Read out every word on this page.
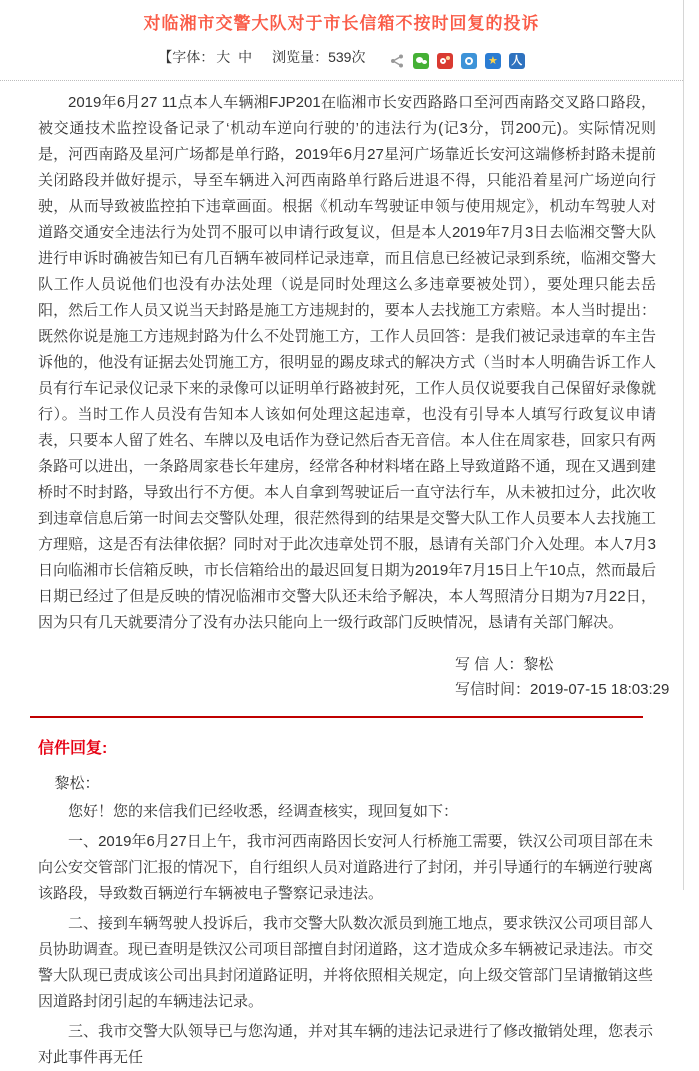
对临湘市交警大队对于市长信箱不按时回复的投诉
【字体： 大 中 浏览量：539次     ★ 人

2019年6月27 11点本人车辆湘FJP201在临湘市长安西路路口至河西南路交叉路口路段，被交通技术监控设备记录了‘机动车逆向行驶的’的违法行为(记3分，罚200元)。实际情况则是，河西南路及星河广场都是单行路，2019年6月27星河广场靠近长安河这端修桥封路未提前关闭路段并做好提示，导至车辆进入河西南路单行路后进退不得，只能沿着星河广场逆向行驶，从而导致被监控拍下违章画面。根据《机动车驾驶证申领与使用规定》，机动车驾驶人对道路交通安全违法行为处罚不服可以申请行政复议，但是本人2019年7月3日去临湘交警大队进行申诉时确被告知已有几百辆车被同样记录违章，而且信息已经被记录到系统，临湘交警大队工作人员说他们也没有办法处理（说是同时处理这么多违章要被处罚），要处理只能去岳阳，然后工作人员又说当天封路是施工方违规封的，要本人去找施工方索赔。本人当时提出：既然你说是施工方违规封路为什么不处罚施工方，工作人员回答：是我们被记录违章的车主告诉他的，他没有证据去处罚施工方，很明显的踢皮球式的解决方式（当时本人明确告诉工作人员有行车记录仪记录下来的录像可以证明单行路被封死，工作人员仅说要我自己保留好录像就行）。当时工作人员没有告知本人该如何处理这起违章，也没有引导本人填写行政复议申请表，只要本人留了姓名、车牌以及电话作为登记然后杳无音信。本人住在周家巷，回家只有两条路可以进出，一条路周家巷长年建房，经常各种材料堵在路上导致道路不通，现在又遇到建桥时不时封路，导致出行不方便。本人自拿到驾驶证后一直守法行车，从未被扣过分，此次收到违章信息后第一时间去交警队处理，很茫然得到的结果是交警大队工作人员要本人去找施工方理赔，这是否有法律依据？同时对于此次违章处罚不服，恳请有关部门介入处理。本人7月3日向临湘市长信箱反映，市长信箱给出的最迟回复日期为2019年7月15日上午10点，然而最后日期已经过了但是反映的情况临湘市交警大队还未给予解决，本人驾照清分日期为7月22日，因为只有几天就要清分了没有办法只能向上一级行政部门反映情况，恳请有关部门解决。

写 信 人：黎松
写信时间：2019-07-15 18:03:29
信件回复:

黎松：

您好！您的来信我们已经收悉，经调查核实，现回复如下：

一、2019年6月27日上午，我市河西南路因长安河人行桥施工需要，铁汉公司项目部在未向公安交管部门汇报的情况下，自行组织人员对道路进行了封闭，并引导通行的车辆逆行驶离该路段，导致数百辆逆行车辆被电子警察记录违法。

二、接到车辆驾驶人投诉后，我市交警大队数次派员到施工地点，要求铁汉公司项目部人员协助调查。现已查明是铁汉公司项目部擅自封闭道路，这才造成众多车辆被记录违法。市交警大队现已责成该公司出具封闭道路证明，并将依照相关规定，向上级交管部门呈请撤销这些因道路封闭引起的车辆违法记录。

三、我市交警大队领导已与您沟通，并对其车辆的违法记录进行了修改撤销处理，您表示对此事件再无任
